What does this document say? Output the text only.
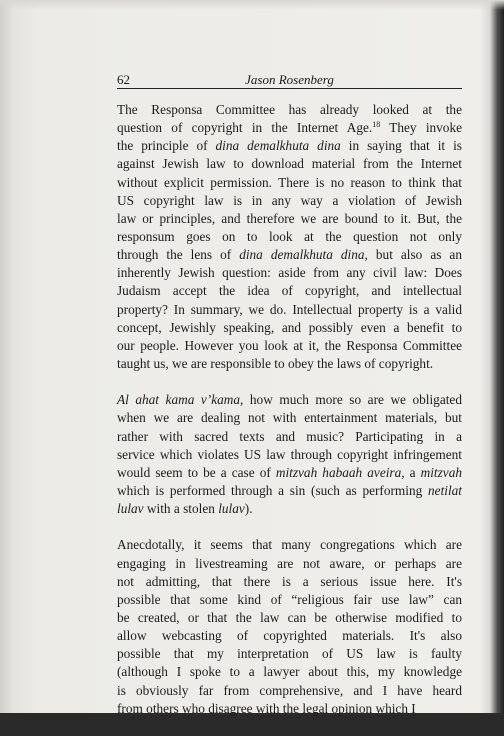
62	Jason Rosenberg
The Responsa Committee has already looked at the
question of copyright in the Internet Age.$^{18}$ They invoke
the principle of dina demalkhuta dina in saying that it is
against Jewish law to download material from the Internet
without explicit permission. There is no reason to think that
US copyright law is in any way a violation of Jewish
law or principles, and therefore we are bound to it. But, the
responsum goes on to look at the question not only
through the lens of dina demalkhuta dina, but also as an
inherently Jewish question: aside from any civil law: Does
Judaism accept the idea of copyright, and intellectual
property? In summary, we do. Intellectual property is a valid
concept, Jewishly speaking, and possibly even a benefit to
our people. However you look at it, the Responsa Committee
taught us, we are responsible to obey the laws of copyright.
Al ahat kama v’kama, how much more so are we obligated
when we are dealing not with entertainment materials, but
rather with sacred texts and music? Participating in a
service which violates US law through copyright infringement
would seem to be a case of mitzvah habaah aveira, a mitzvah
which is performed through a sin (such as performing netilat
lulav with a stolen lulav).
Anecdotally, it seems that many congregations which are
engaging in livestreaming are not aware, or perhaps are
not admitting, that there is a serious issue here. It's
possible that some kind of “religious fair use law” can
be created, or that the law can be otherwise modified to
allow webcasting of copyrighted materials. It's also
possible that my interpretation of US law is faulty
(although I spoke to a lawyer about this, my knowledge
is obviously far from comprehensive, and I have heard
from others who disagree with the legal opinion which I
